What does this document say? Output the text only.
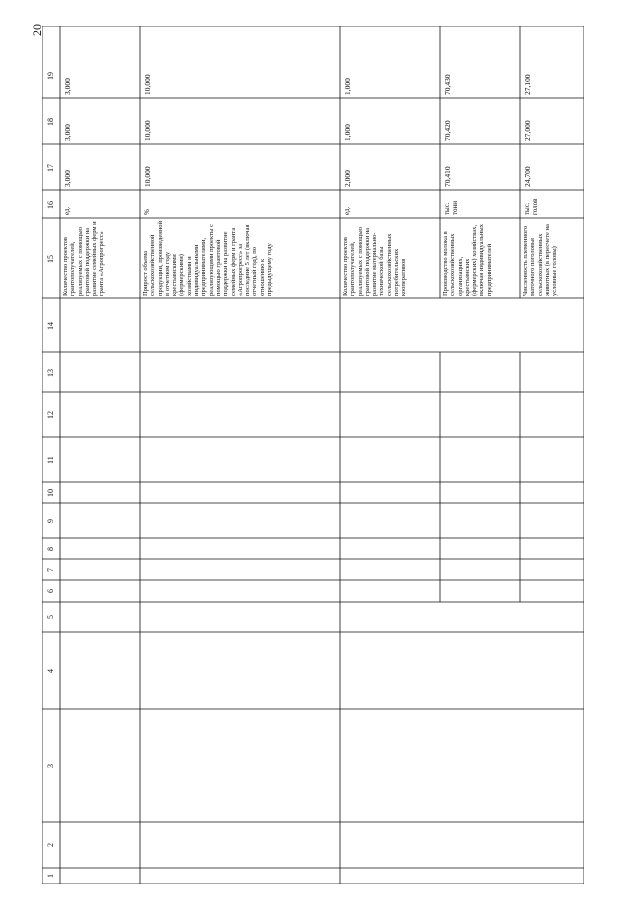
20
1
2
3
4
5
6
7
8
9
10
11
12
13
14
15
16
17
18
19
Количество проектов грантополучателей, реализуемых с помощью грантовой поддержки на развитие семейных ферм и гранта «Агропрогресс»
ед.
3,000
3,000
3,000
Прирост объема сельскохозяйственной продукции, произведенной в отчетном году крестьянскими (фермерскими) хозяйствами и индивидуальными предпринимателями, реализующими проекты с помощью грантовой поддержки на развитие семейных ферм и гранта «Агропрогресс» за последние 5 лет (включая отчетный год), по отношению к предыдущему году
%
10,000
10,000
10,000
Количество проектов грантополучателей, реализуемых с помощью грантовой поддержки на развитие материально-технической базы сельскохозяйственных потребительских кооперативов
ед.
2,000
1,000
1,000
Производство молока в сельскохозяйственных организациях, крестьянских (фермерских) хозяйствах, включая индивидуальных предпринимателей
тыс. тонн
70,410
70,420
70,430
Численность племенного маточного поголовья сельскохозяйственных животных (в пересчете на условные головы)
тыс. голов
24,700
27,000
27,100
